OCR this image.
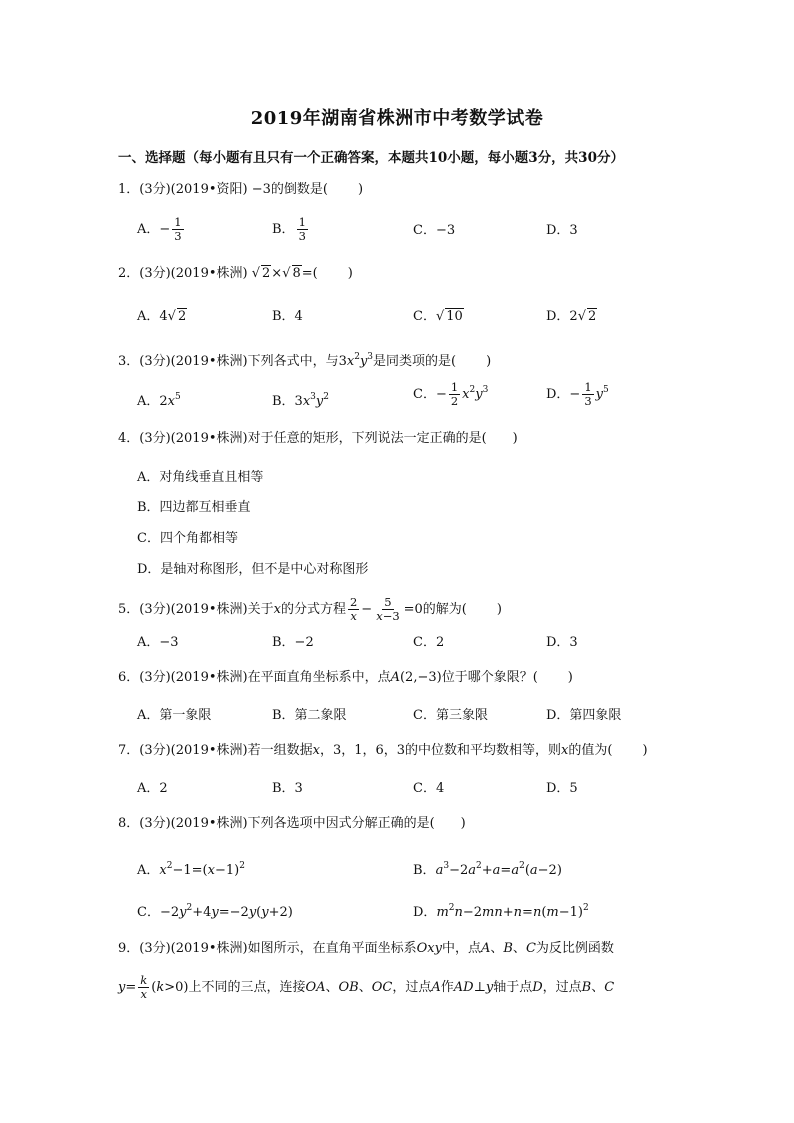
2019年湖南省株洲市中考数学试卷
一、选择题（每小题有且只有一个正确答案，本题共10小题，每小题3分，共30分）
1．(3分)(2019•资阳) −3的倒数是( )
A．− $\frac{1}{3}$	B． $\frac{1}{3}$	C．−3	D．3
2．(3分)(2019•株洲) √ 2×√ 8=( )
A．4√ 2	B．4	C．√ 10	D．2√ 2
3．(3分)(2019•株洲)下列各式中，与$3x^2y^3$是同类项的是( )
A．$2x^5$	B．$3x^3y^2$	C．− $\frac{1}{2} x^2y^3$	D．− $\frac{1}{3} y^5$
4．(3分)(2019•株洲)对于任意的矩形，下列说法一定正确的是(　　)
A．对角线垂直且相等
B．四边都互相垂直
C．四个角都相等
D．是轴对称图形，但不是中心对称图形
5．(3分)(2019•株洲)关于x的分式方程 $\frac{2}{x} - \frac{5}{x-3} =0$的解为( )
A．−3	B．−2	C．2	D．3
6．(3分)(2019•株洲)在平面直角坐标系中，点A(2,−3)位于哪个象限？( )
A．第一象限	B．第二象限	C．第三象限	D．第四象限
7．(3分)(2019•株洲)若一组数据x，3，1，6，3的中位数和平均数相等，则x的值为( )
A．2	B．3	C．4	D．5
8．(3分)(2019•株洲)下列各选项中因式分解正确的是(　　)
A．$x^2-1=(x-1)^2$	B．$a^3-2a^2+a=a^2(a-2)$
C．$-2y^2+4y=-2y(y+2)$	D．$m^2n-2mn+n=n(m-1)^2$
9．(3分)(2019•株洲)如图所示，在直角平面坐标系Oxy中，点A、B、C为反比例函数
$y= \frac{k}{x} (k>0)$上不同的三点，连接OA、OB、OC，过点A作AD⊥y轴于点D，过点B、C
